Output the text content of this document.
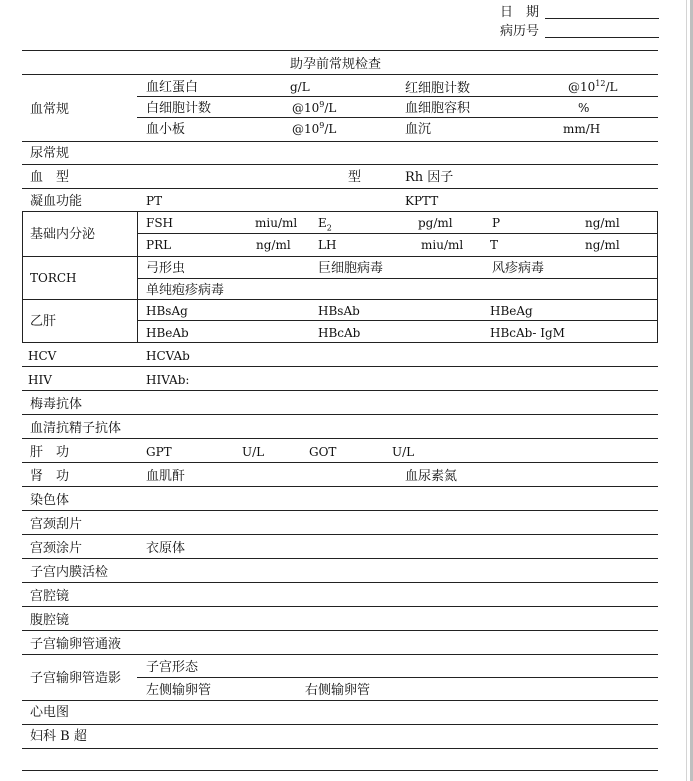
日　期
病历号
助孕前常规检查
血常规
血红蛋白	g/L	红细胞计数	$@10^{12}/L$
白细胞计数	$@10^9/L$	血细胞容积	%
血小板	$@10^9/L$	血沉	mm/H
尿常规
血　型	型	Rh 因子
凝血功能	PT	KPTT
基础内分泌
FSH	miu/ml $E_2$	pg/ml	P	ng/ml
PRL	ng/ml LH	miu/ml T	ng/ml
TORCH
弓形虫	巨细胞病毒	风疹病毒
单纯疱疹病毒
乙肝
HBsAg	HBsAb	HBeAg
HBeAb	HBcAb	HBcAb- IgM
HCV	HCVAb
HIV	HIVAb:
梅毒抗体
血清抗精子抗体
肝　功	GPT	U/L	GOT	U/L
肾　功	血肌酐	血尿素氮
染色体
宫颈刮片
宫颈涂片	衣原体
子宫内膜活检
宫腔镜
腹腔镜
子宫输卵管通液
子宫输卵管造影
子宫形态
左侧输卵管	右侧输卵管
心电图
妇科 B 超
